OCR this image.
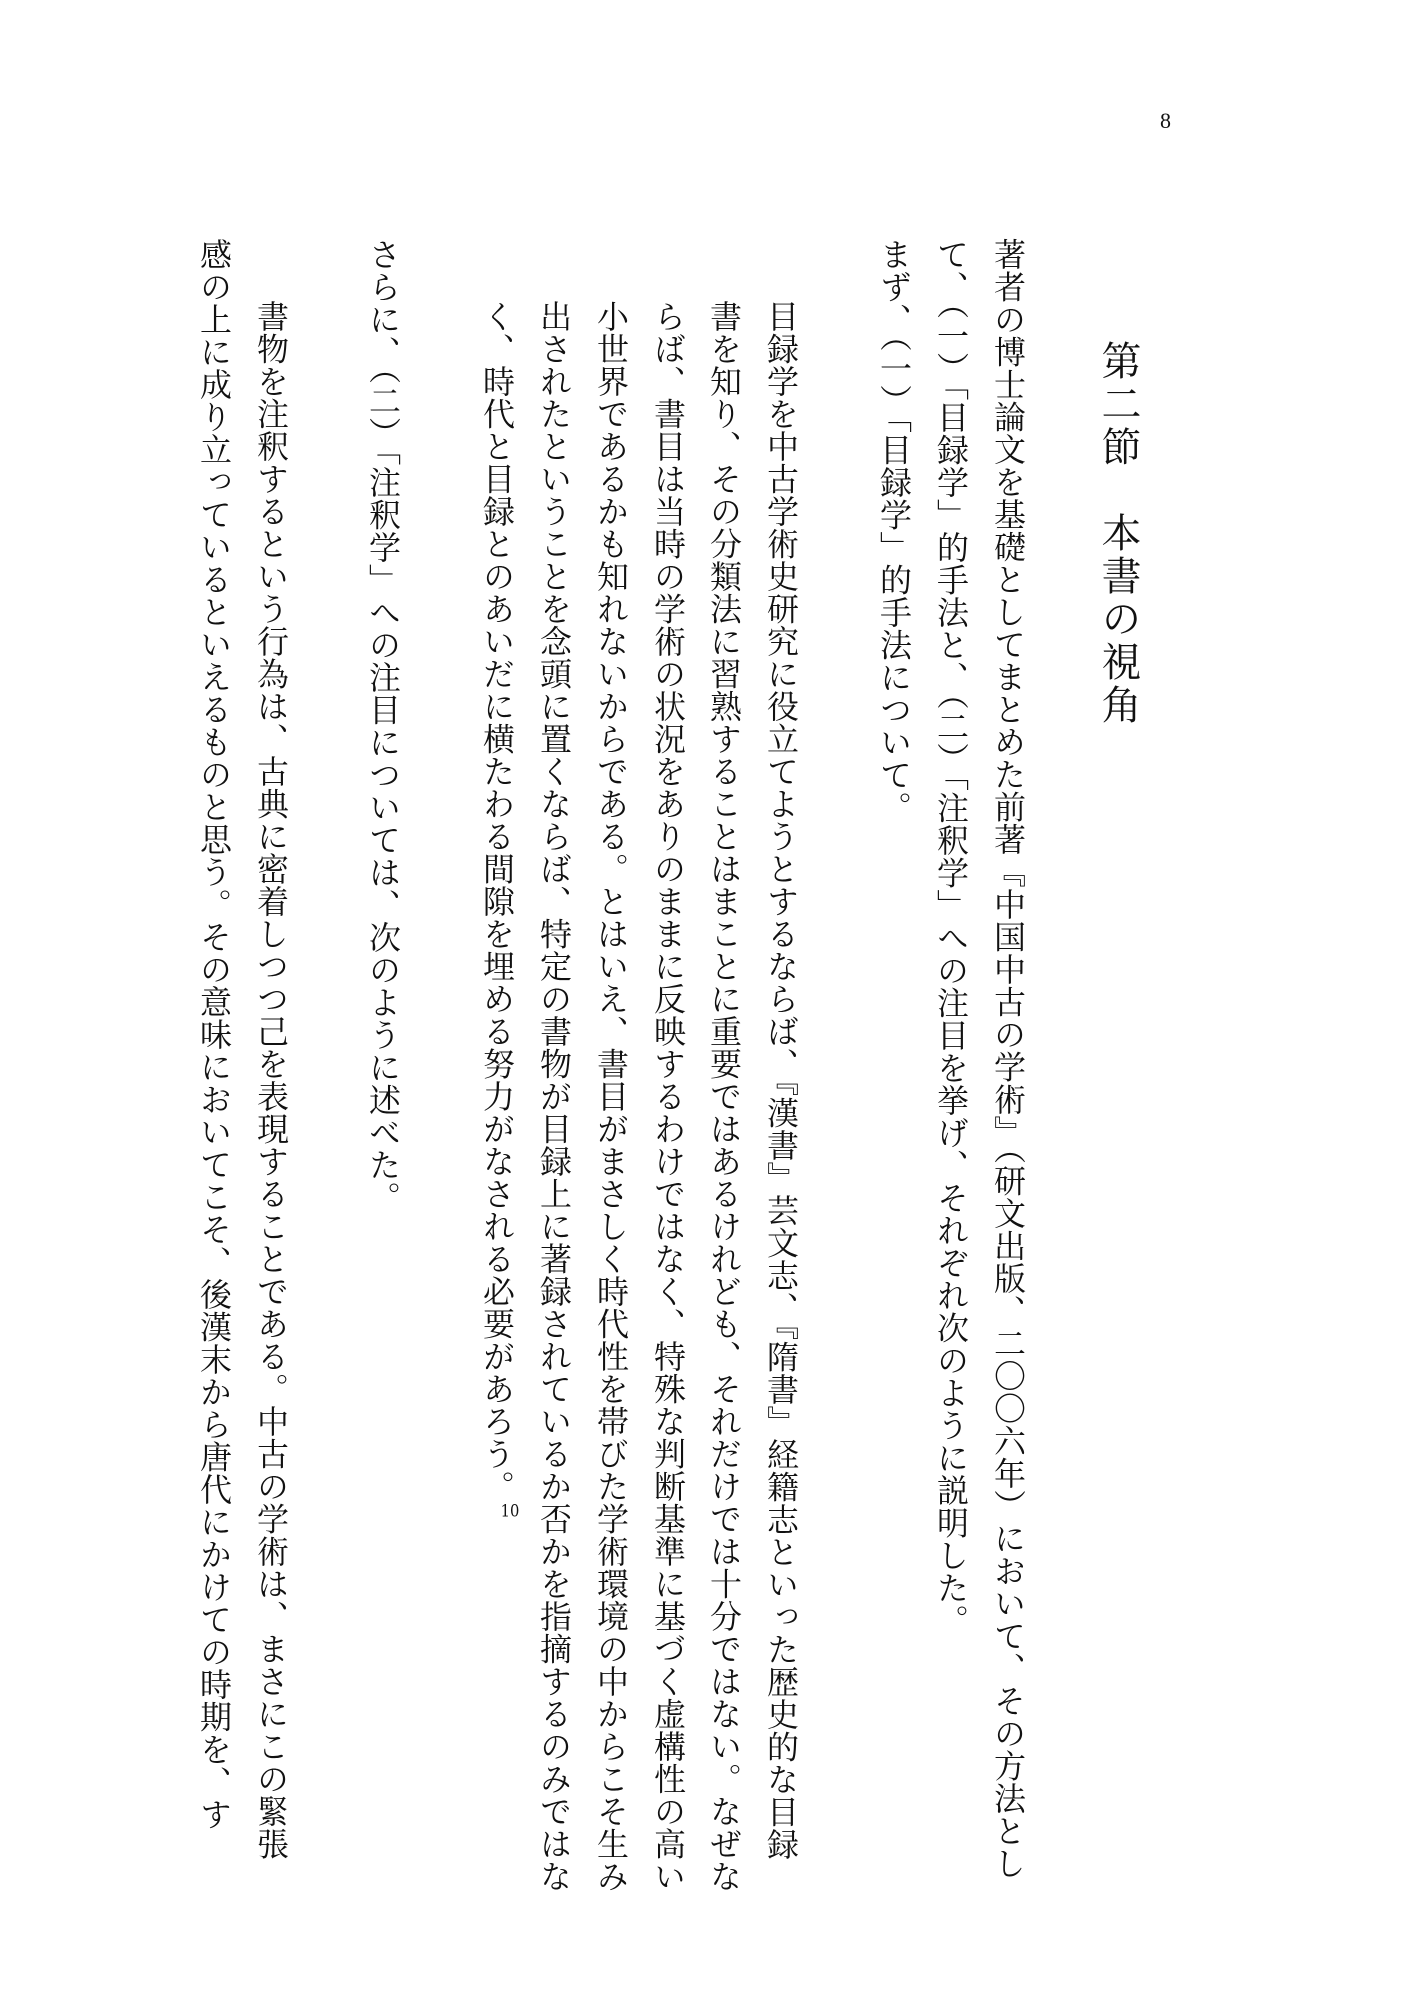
8
第二節　本書の視角
著者の博士論文を基礎としてまとめた前著『中国中古の学術』（研文出版、二〇〇六年）において、その方法とし
て、（一）「目録学」的手法と、（二）「注釈学」への注目を挙げ、それぞれ次のように説明した。
まず、（一）「目録学」的手法について。
目録学を中古学術史研究に役立てようとするならば、『漢書』芸文志、『隋書』経籍志といった歴史的な目録
書を知り、その分類法に習熟することはまことに重要ではあるけれども、それだけでは十分ではない。なぜな
らば、書目は当時の学術の状況をありのままに反映するわけではなく、特殊な判断基準に基づく虚構性の高い
小世界であるかも知れないからである。とはいえ、書目がまさしく時代性を帯びた学術環境の中からこそ生み
出されたということを念頭に置くならば、特定の書物が目録上に著録されているか否かを指摘するのみではな
く、時代と目録とのあいだに横たわる間隙を埋める努力がなされる必要があろう。$^{10}$
さらに、（二）「注釈学」への注目については、次のように述べた。
書物を注釈するという行為は、古典に密着しつつ己を表現することである。中古の学術は、まさにこの緊張
感の上に成り立っているといえるものと思う。その意味においてこそ、後漢末から唐代にかけての時期を、す
